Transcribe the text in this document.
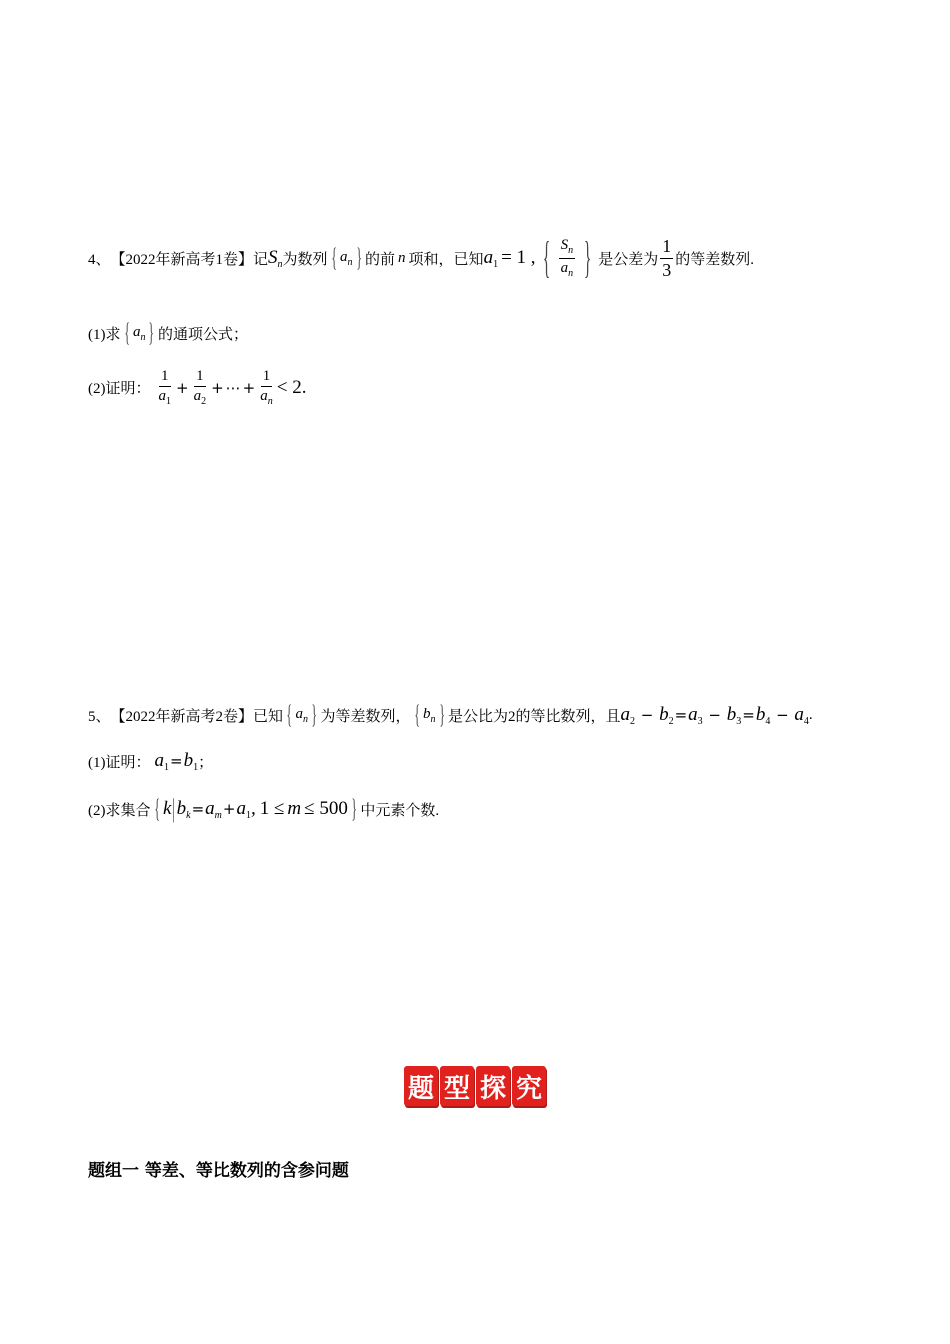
4、 【2022年新高考1卷】 记 $S_n$ 为数列 { $a_n$ } 的前 n 项和，已知 $a_1 = 1$ , { $\frac{S_n}{a_n}$ } 是公差为 $\frac{1}{3}$ 的等差数列.
(1)求 { $a_n$ } 的通项公式；
(2)证明： $\frac{1}{a_1} + \frac{1}{a_2}$ + ⋯ + $\frac{1}{a_n} < 2$.
5、 【2022年新高考2卷】 已知 { $a_n$ } 为等差数列， { $b_n$ } 是公比为2的等比数列，且 $a_2 - b_2=a_3 - b_3=b_4 - a_4$ .
(1)证明： $a_1=b_1$ ；
(2)求集合 { k | $b_k=a_m+a_1$, 1 ≤ m ≤ 500 } 中元素个数.
题 型 探 究
题组一 等差、等比数列的含参问题
